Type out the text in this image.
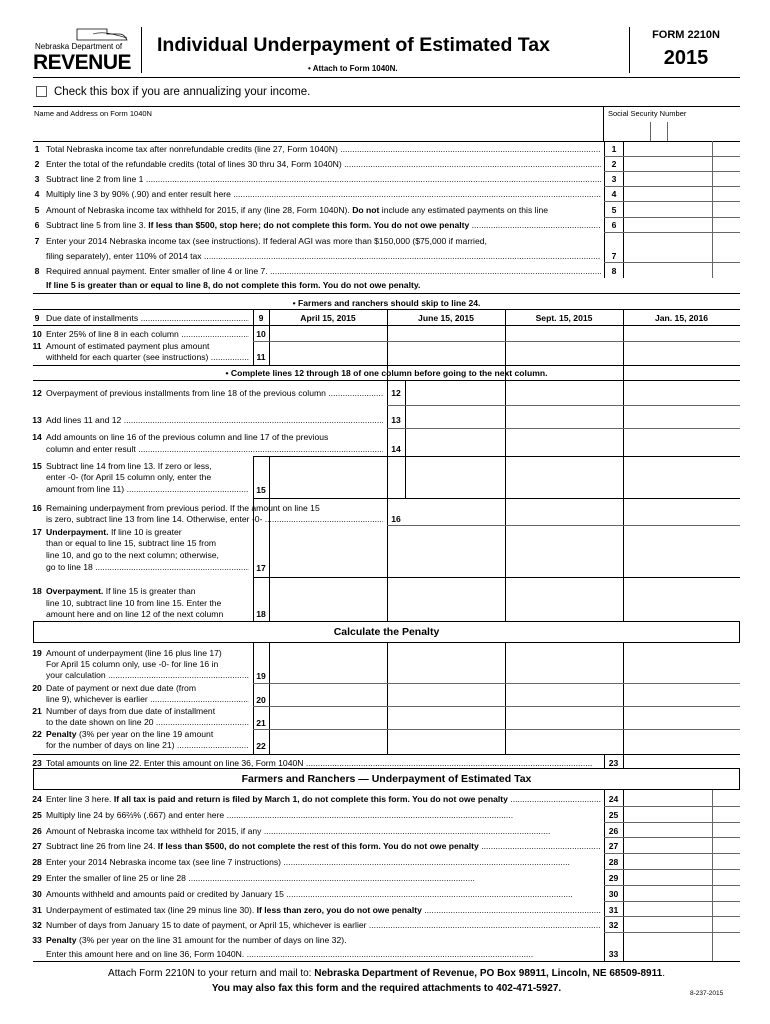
Nebraska Department of
REVENUE
Individual Underpayment of Estimated Tax
• Attach to Form 1040N.
FORM 2210N
2015
Check this box if you are annualizing your income.
Name and Address on Form 1040N	Social Security Number
1 Total Nebraska income tax after nonrefundable credits (line 27, Form 1040N) .....	1
2 Enter the total of the refundable credits (total of lines 30 thru 34, Form 1040N) .....	2
3 Subtract line 2 from line 1 .....	3
4 Multiply line 3 by 90% (.90) and enter result here .....	4
5 Amount of Nebraska income tax withheld for 2015, if any (line 28, Form 1040N). Do not include any estimated payments on this line	5
6 Subtract line 5 from line 3. If less than $500, stop here; do not complete this form. You do not owe penalty .....	6
7 Enter your 2014 Nebraska income tax (see instructions). If federal AGI was more than $150,000 ($75,000 if married,
filing separately), enter 110% of 2014 tax .....	7
8 Required annual payment. Enter smaller of line 4 or line 7. .....	8
If line 5 is greater than or equal to line 8, do not complete this form. You do not owe penalty.
• Farmers and ranchers should skip to line 24.
9 Due date of installments .....	9	April 15, 2015	June 15, 2015	Sept. 15, 2015	Jan. 15, 2016
10 Enter 25% of line 8 in each column .....	10
11 Amount of estimated payment plus amount
withheld for each quarter (see instructions) .....	11
• Complete lines 12 through 18 of one column before going to the next column.
12 Overpayment of previous installments from line 18 of the previous column .....	12
13 Add lines 11 and 12 .....	13
14 Add amounts on line 16 of the previous column and line 17 of the previous
column and enter result .....	14
15 Subtract line 14 from line 13. If zero or less,
enter -0- (for April 15 column only, enter the
amount from line 11) .....	15
16 Remaining underpayment from previous period. If the amount on line 15
is zero, subtract line 13 from line 14. Otherwise, enter -0- .....	16
17 Underpayment. If line 10 is greater
than or equal to line 15, subtract line 15 from
line 10, and go to the next column; otherwise,
go to line 18 .....	17
18 Overpayment. If line 15 is greater than
line 10, subtract line 10 from line 15. Enter the
amount here and on line 12 of the next column	18
Calculate the Penalty
19 Amount of underpayment (line 16 plus line 17)
For April 15 column only, use -0- for line 16 in
your calculation .....	19
20 Date of payment or next due date (from
line 9), whichever is earlier .....	20
21 Number of days from due date of installment
to the date shown on line 20 .....	21
22 Penalty (3% per year on the line 19 amount
for the number of days on line 21) .....	22
23 Total amounts on line 22. Enter this amount on line 36, Form 1040N .....	23
Farmers and Ranchers — Underpayment of Estimated Tax
24 Enter line 3 here. If all tax is paid and return is filed by March 1, do not complete this form. You do not owe penalty .....	24
25 Multiply line 24 by 66⅔% (.667) and enter here .....	25
26 Amount of Nebraska income tax withheld for 2015, if any .....	26
27 Subtract line 26 from line 24. If less than $500, do not complete the rest of this form. You do not owe penalty .....	27
28 Enter your 2014 Nebraska income tax (see line 7 instructions) .....	28
29 Enter the smaller of line 25 or line 28 .....	29
30 Amounts withheld and amounts paid or credited by January 15 .....	30
31 Underpayment of estimated tax (line 29 minus line 30). If less than zero, you do not owe penalty .....	31
32 Number of days from January 15 to date of payment, or April 15, whichever is earlier .....	32
33 Penalty (3% per year on the line 31 amount for the number of days on line 32).
Enter this amount here and on line 36, Form 1040N. .....	33
Attach Form 2210N to your return and mail to: Nebraska Department of Revenue, PO Box 98911, Lincoln, NE 68509-8911.
You may also fax this form and the required attachments to 402-471-5927.	8-237-2015
